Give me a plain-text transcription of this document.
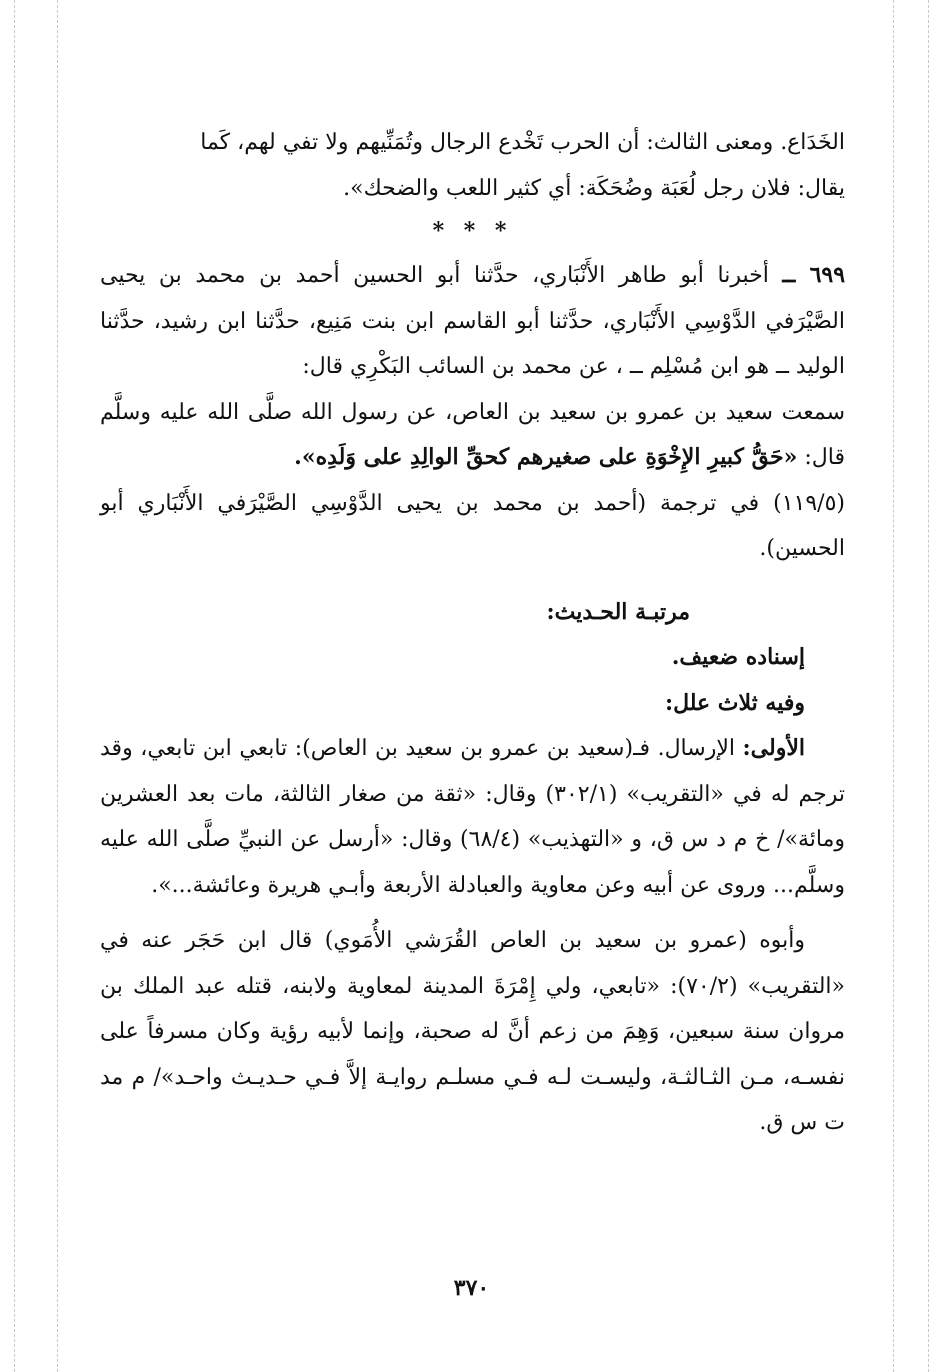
الخَدَاع. ومعنى الثالث: أن الحرب تَخْدع الرجال وتُمَنِّيهم ولا تفي لهم، كَما

يقال: فلان رجل لُعَبَة وضُحَكَة: أي كثير اللعب والضحك».

* * *

٦٩٩ ــ أخبرنا أبو طاهر الأَنْبَاري، حدَّثنا أبو الحسين أحمد بن محمد بن يحيى الصَّيْرَفي الدَّوْسِي الأَنْبَاري، حدَّثنا أبو القاسم ابن بنت مَنِيع، حدَّثنا ابن رشيد، حدَّثنا الوليد ــ هو ابن مُسْلِم ــ ، عن محمد بن السائب البَكْرِي قال:

سمعت سعيد بن عمرو بن سعيد بن العاص، عن رسول الله صلَّى الله عليه وسلَّم قال: «حَقُّ كبيرِ الإِخْوَةِ على صغيرهم كحقِّ الوالِدِ على وَلَدِه».

(١١٩/٥) في ترجمة (أحمد بن محمد بن يحيى الدَّوْسِي الصَّيْرَفي الأَنْبَاري أبو الحسين).

مرتبـة الحـديث:

إسناده ضعيف.

وفيه ثلاث علل:

الأولى: الإرسال. فـ(سعيد بن عمرو بن سعيد بن العاص): تابعي ابن تابعي، وقد ترجم له في «التقريب» (٣٠٢/١) وقال: «ثقة من صغار الثالثة، مات بعد العشرين ومائة»/ خ م د س ق، و «التهذيب» (٦٨/٤) وقال: «أرسل عن النبيِّ صلَّى الله عليه وسلَّم... وروى عن أبيه وعن معاوية والعبادلة الأربعة وأبـي هريرة وعائشة...».

وأبوه (عمرو بن سعيد بن العاص القُرَشي الأُمَوي) قال ابن حَجَر عنه في «التقريب» (٧٠/٢): «تابعي، ولي إِمْرَةَ المدينة لمعاوية ولابنه، قتله عبد الملك بن مروان سنة سبعين، وَهِمَ من زعم أنَّ له صحبة، وإنما لأبيه رؤية وكان مسرفاً على نفسـه، مـن الثـالثـة، وليسـت لـه فـي مسلـم روايـة إلاَّ فـي حـديـث واحـد»/ م مد ت س ق.

٣٧٠
